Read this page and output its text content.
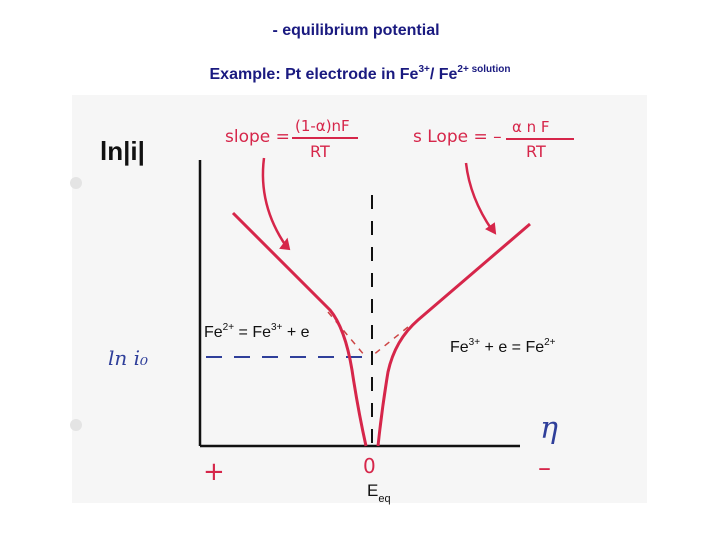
- equilibrium potential
Example: Pt electrode in $Fe^{3+}/$ $Fe^{2+}$ $^{solution}$
ln|i|
ln i₀
slope =
(1-α)nF
RT
s Lope = – α n F
RT
$Fe^{2+} = Fe^{3+} + e$
$Fe^{3+} + e = Fe^{2+}$
η
+	–
0
$E_{eq}$
